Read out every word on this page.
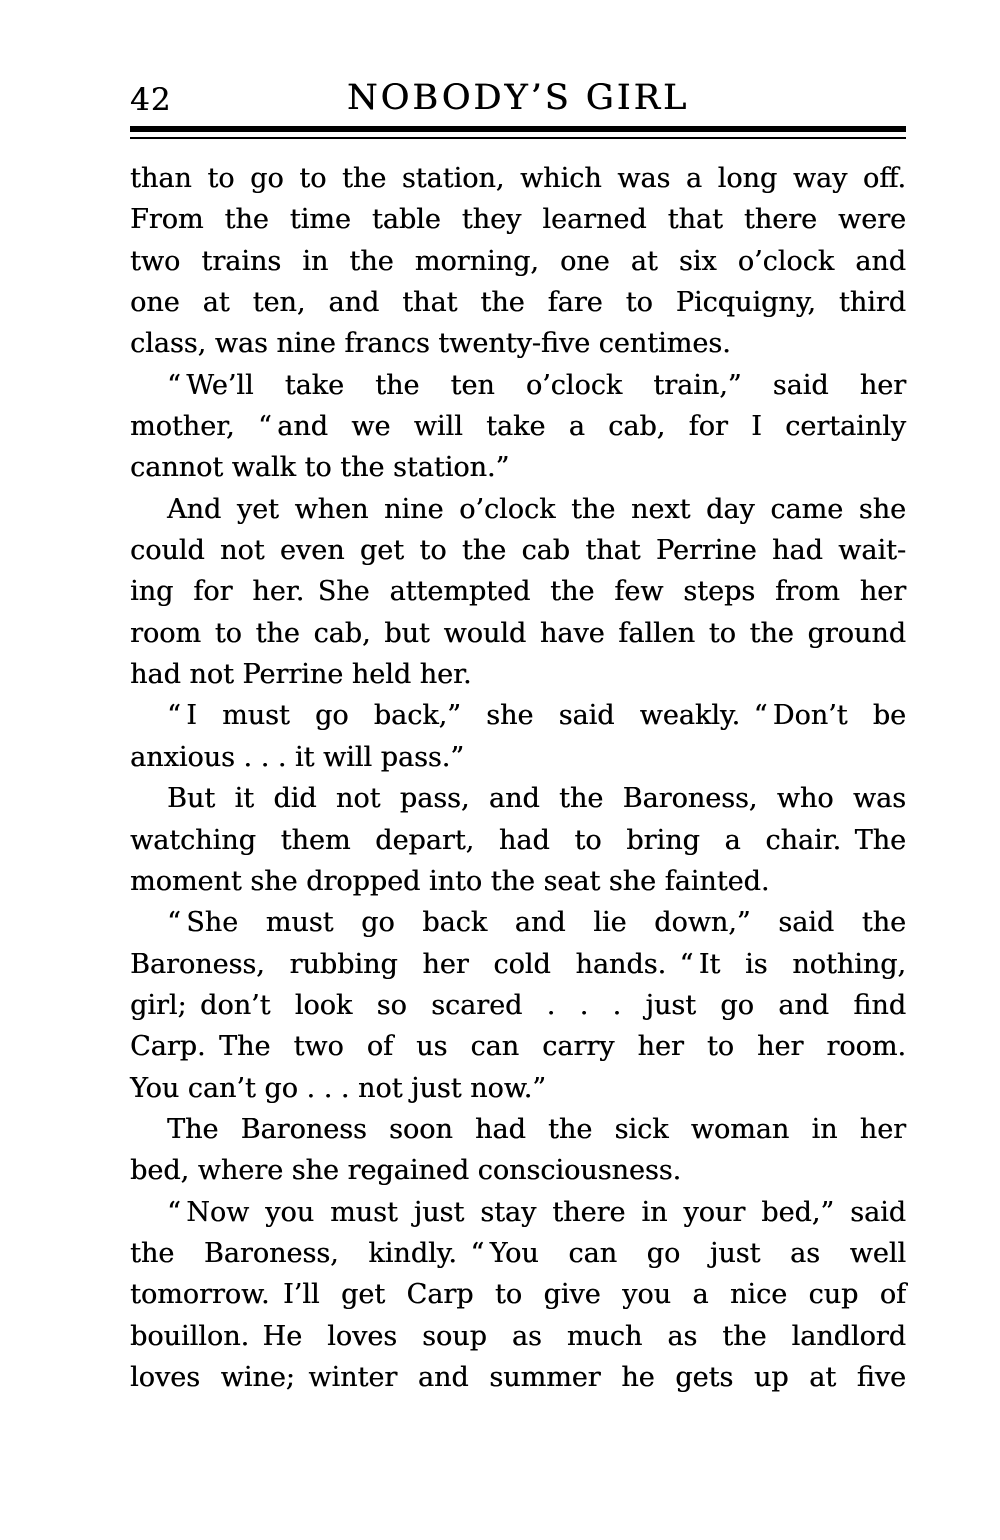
42	NOBODY’S GIRL
than to go to the station, which was a long way off.
From the time table they learned that there were
two trains in the morning, one at six o’clock and
one at ten, and that the fare to Picquigny, third
class, was nine francs twenty-five centimes.
“ We’ll take the ten o’clock train,” said her
mother, “ and we will take a cab, for I certainly
cannot walk to the station.”
And yet when nine o’clock the next day came she
could not even get to the cab that Perrine had wait-
ing for her. She attempted the few steps from her
room to the cab, but would have fallen to the ground
had not Perrine held her.
“ I must go back,” she said weakly. “ Don’t be
anxious . . . it will pass.”
But it did not pass, and the Baroness, who was
watching them depart, had to bring a chair. The
moment she dropped into the seat she fainted.
“ She must go back and lie down,” said the
Baroness, rubbing her cold hands. “ It is nothing,
girl; don’t look so scared . . . just go and find
Carp. The two of us can carry her to her room.
You can’t go . . . not just now.”
The Baroness soon had the sick woman in her
bed, where she regained consciousness.
“ Now you must just stay there in your bed,” said
the Baroness, kindly. “ You can go just as well
tomorrow. I’ll get Carp to give you a nice cup of
bouillon. He loves soup as much as the landlord
loves wine; winter and summer he gets up at five
